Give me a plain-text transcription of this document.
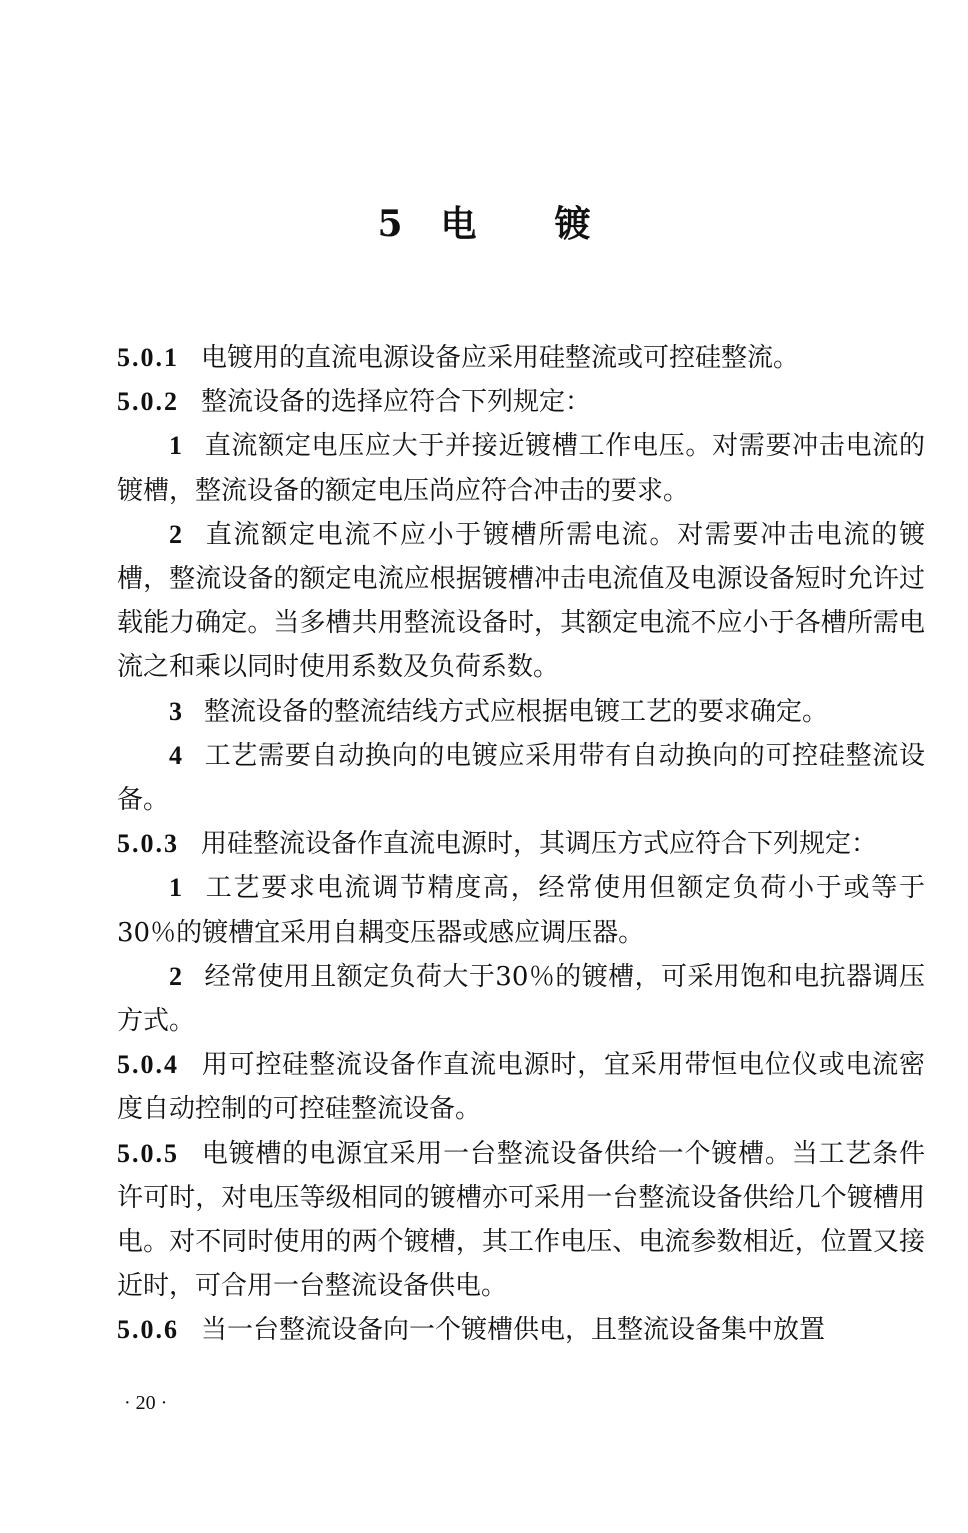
5 电 镀

5.0.1 电镀用的直流电源设备应采用硅整流或可控硅整流。

5.0.2 整流设备的选择应符合下列规定：

1 直流额定电压应大于并接近镀槽工作电压。对需要冲击电流的镀槽，整流设备的额定电压尚应符合冲击的要求。

2 直流额定电流不应小于镀槽所需电流。对需要冲击电流的镀槽，整流设备的额定电流应根据镀槽冲击电流值及电源设备短时允许过载能力确定。当多槽共用整流设备时，其额定电流不应小于各槽所需电流之和乘以同时使用系数及负荷系数。

3 整流设备的整流结线方式应根据电镀工艺的要求确定。

4 工艺需要自动换向的电镀应采用带有自动换向的可控硅整流设备。

5.0.3 用硅整流设备作直流电源时，其调压方式应符合下列规定：

1 工艺要求电流调节精度高，经常使用但额定负荷小于或等于30％的镀槽宜采用自耦变压器或感应调压器。

2 经常使用且额定负荷大于30％的镀槽，可采用饱和电抗器调压方式。

5.0.4 用可控硅整流设备作直流电源时，宜采用带恒电位仪或电流密度自动控制的可控硅整流设备。

5.0.5 电镀槽的电源宜采用一台整流设备供给一个镀槽。当工艺条件许可时，对电压等级相同的镀槽亦可采用一台整流设备供给几个镀槽用电。对不同时使用的两个镀槽，其工作电压、电流参数相近，位置又接近时，可合用一台整流设备供电。

5.0.6 当一台整流设备向一个镀槽供电，且整流设备集中放置

· 20 ·
